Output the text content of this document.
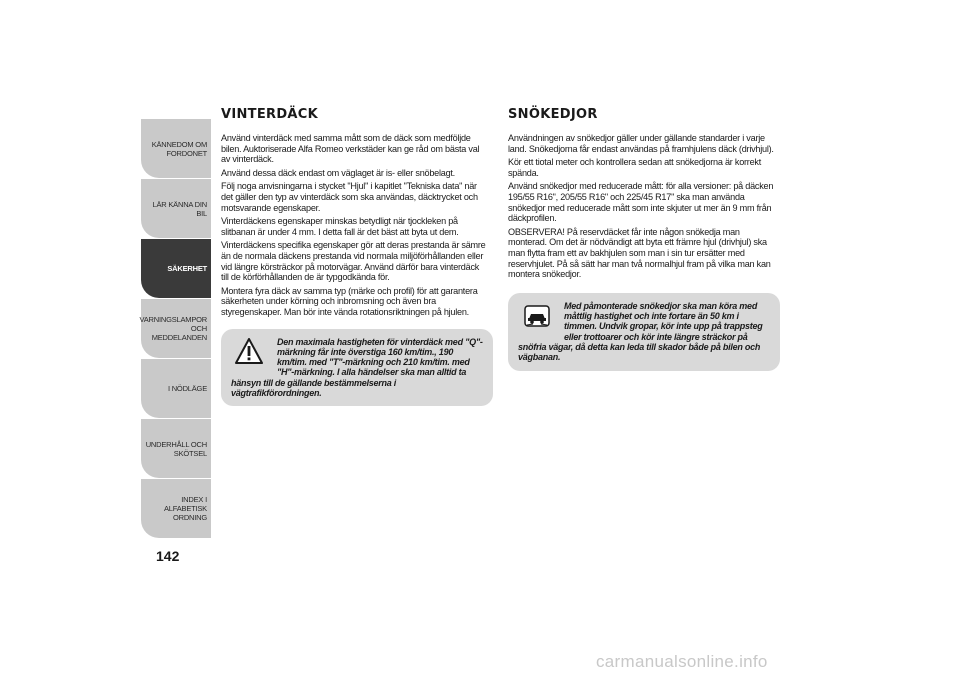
KÄNNEDOM OM
FORDONET
LÄR KÄNNA DIN BIL
SÄKERHET
VARNINGSLAMPOR
OCH MEDDELANDEN
I NÖDLÄGE
UNDERHÅLL OCH
SKÖTSEL
INDEX I ALFABETISK
ORDNING
142
VINTERDÄCK

Använd vinterdäck med samma mått som de däck som medföljde bilen. Auktoriserade Alfa Romeo verkstäder kan ge råd om bästa val av vinterdäck.

Använd dessa däck endast om väglaget är is- eller snöbelagt.

Följ noga anvisningarna i stycket "Hjul" i kapitlet "Tekniska data" när det gäller den typ av vinterdäck som ska användas, däcktrycket och motsvarande egenskaper.

Vinterdäckens egenskaper minskas betydligt när tjockleken på slitbanan är under 4 mm. I detta fall är det bäst att byta ut dem.

Vinterdäckens specifika egenskaper gör att deras prestanda är sämre än de normala däckens prestanda vid normala miljöförhållanden eller vid längre körsträckor på motorvägar. Använd därför bara vinterdäck till de körförhållanden de är typgodkända för.

Montera fyra däck av samma typ (märke och profil) för att garantera säkerheten under körning och inbromsning och även bra styregenskaper. Man bör inte vända rotationsriktningen på hjulen.

Den maximala hastigheten för vinterdäck med "Q"-märkning får inte överstiga 160 km/tim., 190 km/tim. med "T"-märkning och 210 km/tim. med "H"-märkning. I alla händelser ska man alltid ta hänsyn till de gällande bestämmelserna i vägtrafikförordningen.
SNÖKEDJOR

Användningen av snökedjor gäller under gällande standarder i varje land. Snökedjorna får endast användas på framhjulens däck (drivhjul).

Kör ett tiotal meter och kontrollera sedan att snökedjorna är korrekt spända.

Använd snökedjor med reducerade mått: för alla versioner: på däcken 195/55 R16", 205/55 R16" och 225/45 R17" ska man använda snökedjor med reducerade mått som inte skjuter ut mer än 9 mm från däckprofilen.

OBSERVERA! På reservdäcket får inte någon snökedja man monterad. Om det är nödvändigt att byta ett främre hjul (drivhjul) ska man flytta fram ett av bakhjulen som man i sin tur ersätter med reservhjulet. På så sätt har man två normalhjul fram på vilka man kan montera snökedjor.

Med påmonterade snökedjor ska man köra med måttlig hastighet och inte fortare än 50 km i timmen. Undvik gropar, kör inte upp på trappsteg eller trottoarer och kör inte längre sträckor på snöfria vägar, då detta kan leda till skador både på bilen och vägbanan.
carmanualsonline.info
